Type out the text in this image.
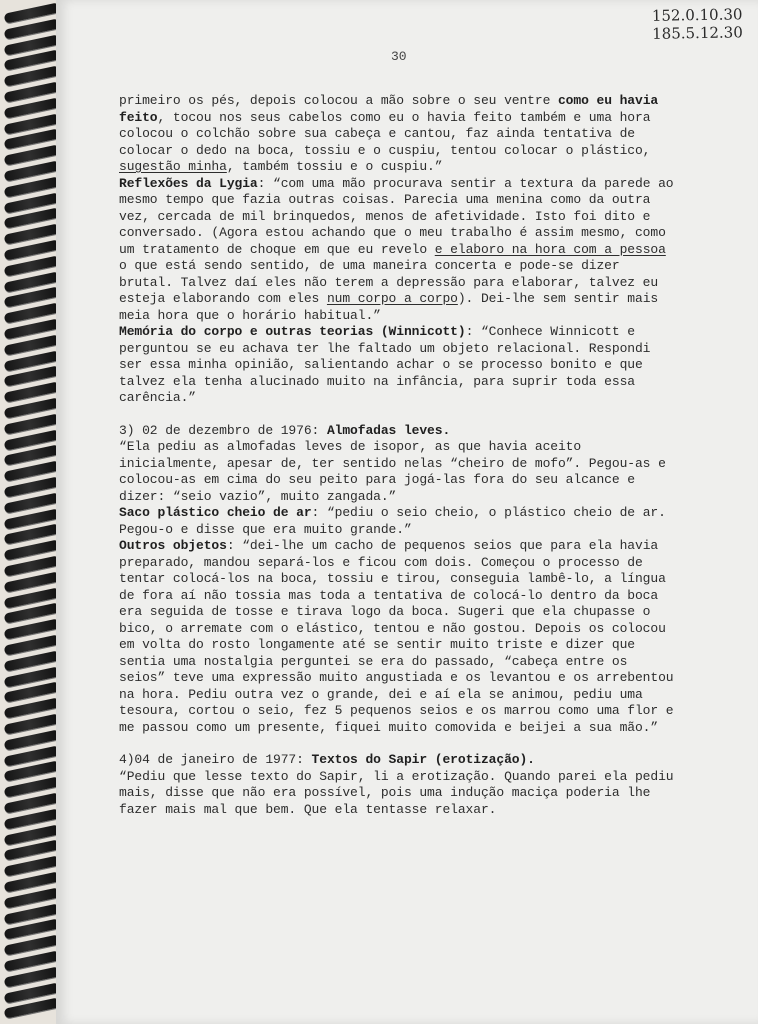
152.0.10.30
185.5.12.30
30

primeiro os pés, depois colocou a mão sobre o seu ventre como eu havia feito, tocou nos seus cabelos como eu o havia feito também e uma hora colocou o colchão sobre sua cabeça e cantou, faz ainda tentativa de colocar o dedo na boca, tossiu e o cuspiu, tentou colocar o plástico, sugestão minha, também tossiu e o cuspiu.”

Reflexões da Lygia: “com uma mão procurava sentir a textura da parede ao mesmo tempo que fazia outras coisas. Parecia uma menina como da outra vez, cercada de mil brinquedos, menos de afetividade. Isto foi dito e conversado. (Agora estou achando que o meu trabalho é assim mesmo, como um tratamento de choque em que eu revelo e elaboro na hora com a pessoa o que está sendo sentido, de uma maneira concerta e pode-se dizer brutal. Talvez daí eles não terem a depressão para elaborar, talvez eu esteja elaborando com eles num corpo a corpo). Dei-lhe sem sentir mais meia hora que o horário habitual.”

Memória do corpo e outras teorias (Winnicott): “Conhece Winnicott e perguntou se eu achava ter lhe faltado um objeto relacional. Respondi ser essa minha opinião, salientando achar o se processo bonito e que talvez ela tenha alucinado muito na infância, para suprir toda essa carência.”

3) 02 de dezembro de 1976: Almofadas leves.

“Ela pediu as almofadas leves de isopor, as que havia aceito inicialmente, apesar de, ter sentido nelas “cheiro de mofo”. Pegou-as e colocou-as em cima do seu peito para jogá-las fora do seu alcance e dizer: “seio vazio”, muito zangada.”

Saco plástico cheio de ar: “pediu o seio cheio, o plástico cheio de ar. Pegou-o e disse que era muito grande.”

Outros objetos: “dei-lhe um cacho de pequenos seios que para ela havia preparado, mandou separá-los e ficou com dois. Começou o processo de tentar colocá-los na boca, tossiu e tirou, conseguia lambê-lo, a língua de fora aí não tossia mas toda a tentativa de colocá-lo dentro da boca era seguida de tosse e tirava logo da boca. Sugeri que ela chupasse o bico, o arremate com o elástico, tentou e não gostou. Depois os colocou em volta do rosto longamente até se sentir muito triste e dizer que sentia uma nostalgia perguntei se era do passado, “cabeça entre os seios” teve uma expressão muito angustiada e os levantou e os arrebentou na hora. Pediu outra vez o grande, dei e aí ela se animou, pediu uma tesoura, cortou o seio, fez 5 pequenos seios e os marrou como uma flor e me passou como um presente, fiquei muito comovida e beijei a sua mão.”

4)04 de janeiro de 1977: Textos do Sapir (erotização).

“Pediu que lesse texto do Sapir, li a erotização. Quando parei ela pediu mais, disse que não era possível, pois uma indução maciça poderia lhe fazer mais mal que bem. Que ela tentasse relaxar.
